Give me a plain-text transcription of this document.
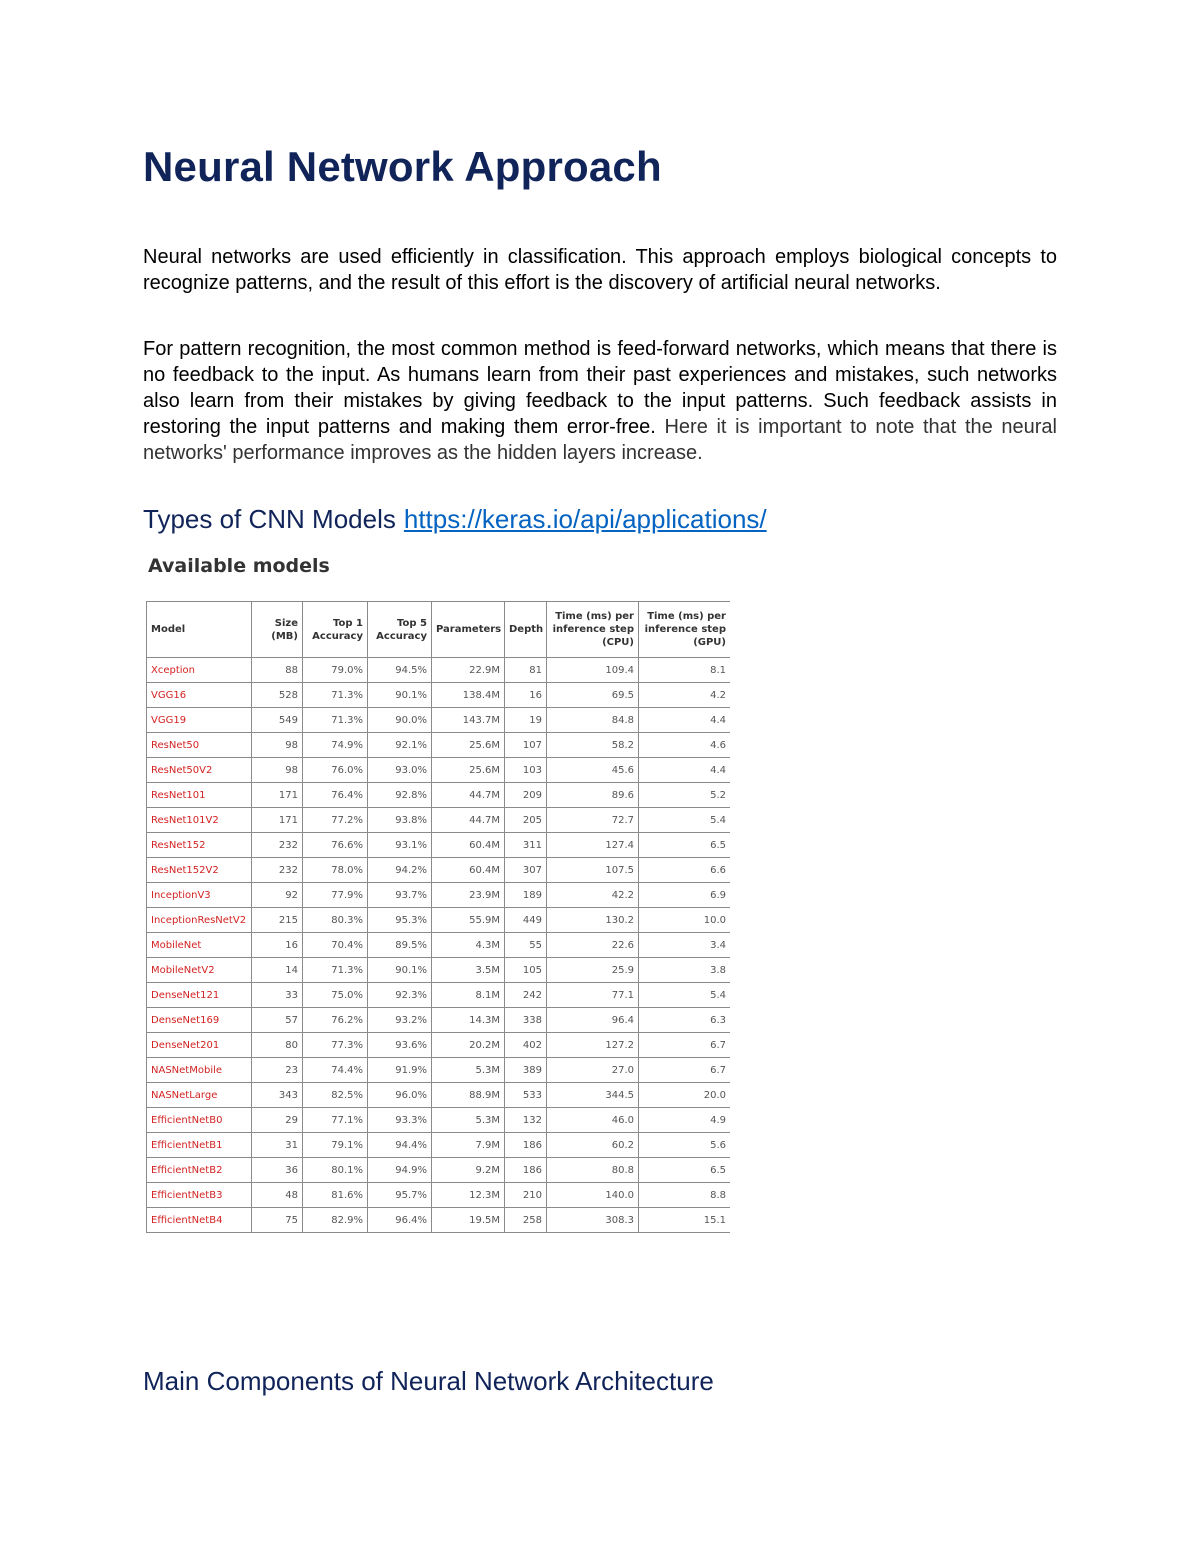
Neural Network Approach

Neural networks are used efficiently in classification. This approach employs biological concepts to recognize patterns, and the result of this effort is the discovery of artificial neural networks.

For pattern recognition, the most common method is feed-forward networks, which means that there is no feedback to the input. As humans learn from their past experiences and mistakes, such networks also learn from their mistakes by giving feedback to the input patterns. Such feedback assists in restoring the input patterns and making them error-free. Here it is important to note that the neural networks' performance improves as the hidden layers increase.

Types of CNN Models https://keras.io/api/applications/
Available models
Model	Size (MB)	Top 1 Accuracy	Top 5 Accuracy	Parameters	Depth	Time (ms) per inference step (CPU)	Time (ms) per inference step (GPU)
Xception	88	79.0%	94.5%	22.9M	81	109.4	8.1
VGG16	528	71.3%	90.1%	138.4M	16	69.5	4.2
VGG19	549	71.3%	90.0%	143.7M	19	84.8	4.4
ResNet50	98	74.9%	92.1%	25.6M	107	58.2	4.6
ResNet50V2	98	76.0%	93.0%	25.6M	103	45.6	4.4
ResNet101	171	76.4%	92.8%	44.7M	209	89.6	5.2
ResNet101V2	171	77.2%	93.8%	44.7M	205	72.7	5.4
ResNet152	232	76.6%	93.1%	60.4M	311	127.4	6.5
ResNet152V2	232	78.0%	94.2%	60.4M	307	107.5	6.6
InceptionV3	92	77.9%	93.7%	23.9M	189	42.2	6.9
InceptionResNetV2	215	80.3%	95.3%	55.9M	449	130.2	10.0
MobileNet	16	70.4%	89.5%	4.3M	55	22.6	3.4
MobileNetV2	14	71.3%	90.1%	3.5M	105	25.9	3.8
DenseNet121	33	75.0%	92.3%	8.1M	242	77.1	5.4
DenseNet169	57	76.2%	93.2%	14.3M	338	96.4	6.3
DenseNet201	80	77.3%	93.6%	20.2M	402	127.2	6.7
NASNetMobile	23	74.4%	91.9%	5.3M	389	27.0	6.7
NASNetLarge	343	82.5%	96.0%	88.9M	533	344.5	20.0
EfficientNetB0	29	77.1%	93.3%	5.3M	132	46.0	4.9
EfficientNetB1	31	79.1%	94.4%	7.9M	186	60.2	5.6
EfficientNetB2	36	80.1%	94.9%	9.2M	186	80.8	6.5
EfficientNetB3	48	81.6%	95.7%	12.3M	210	140.0	8.8
EfficientNetB4	75	82.9%	96.4%	19.5M	258	308.3	15.1
Main Components of Neural Network Architecture
